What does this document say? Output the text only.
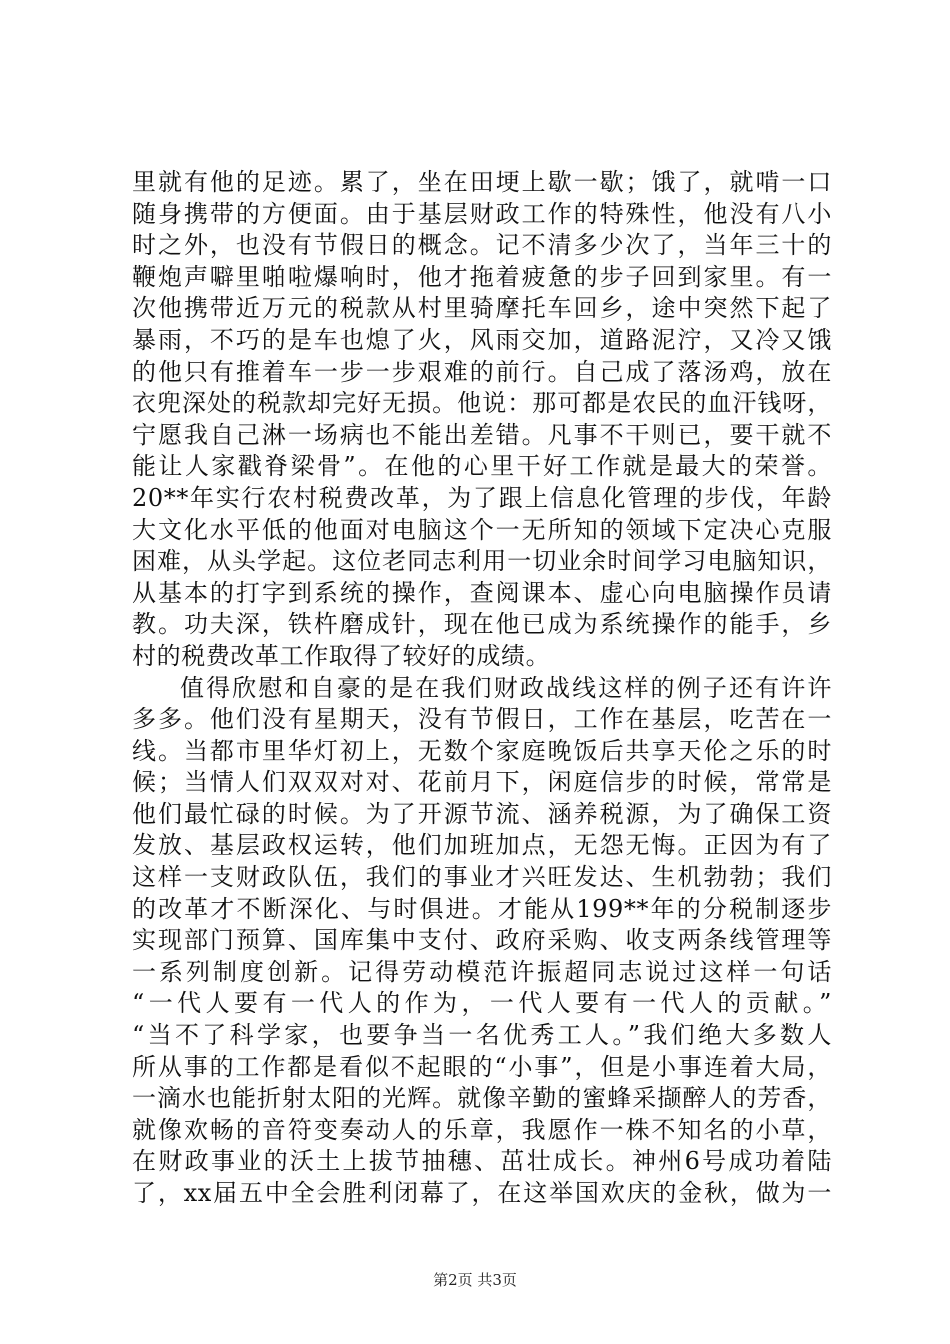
里就有他的足迹。累了，坐在田埂上歇一歇；饿了，就啃一口
随身携带的方便面。由于基层财政工作的特殊性，他没有八小
时之外，也没有节假日的概念。记不清多少次了，当年三十的
鞭炮声噼里啪啦爆响时，他才拖着疲惫的步子回到家里。有一
次他携带近万元的税款从村里骑摩托车回乡，途中突然下起了
暴雨，不巧的是车也熄了火，风雨交加，道路泥泞，又冷又饿
的他只有推着车一步一步艰难的前行。自己成了落汤鸡，放在
衣兜深处的税款却完好无损。他说：那可都是农民的血汗钱呀，
宁愿我自己淋一场病也不能出差错。凡事不干则已，要干就不
能让人家戳脊梁骨”。在他的心里干好工作就是最大的荣誉。
20**年实行农村税费改革，为了跟上信息化管理的步伐，年龄
大文化水平低的他面对电脑这个一无所知的领域下定决心克服
困难，从头学起。这位老同志利用一切业余时间学习电脑知识，
从基本的打字到系统的操作，查阅课本、虚心向电脑操作员请
教。功夫深，铁杵磨成针，现在他已成为系统操作的能手，乡
村的税费改革工作取得了较好的成绩。
值得欣慰和自豪的是在我们财政战线这样的例子还有许许
多多。他们没有星期天，没有节假日，工作在基层，吃苦在一
线。当都市里华灯初上，无数个家庭晚饭后共享天伦之乐的时
候；当情人们双双对对、花前月下，闲庭信步的时候，常常是
他们最忙碌的时候。为了开源节流、涵养税源，为了确保工资
发放、基层政权运转，他们加班加点，无怨无悔。正因为有了
这样一支财政队伍，我们的事业才兴旺发达、生机勃勃；我们
的改革才不断深化、与时俱进。才能从199**年的分税制逐步
实现部门预算、国库集中支付、政府采购、收支两条线管理等
一系列制度创新。记得劳动模范许振超同志说过这样一句话
“一代人要有一代人的作为，一代人要有一代人的贡献。”
“当不了科学家，也要争当一名优秀工人。”我们绝大多数人
所从事的工作都是看似不起眼的“小事”，但是小事连着大局，
一滴水也能折射太阳的光辉。就像辛勤的蜜蜂采撷醉人的芳香，
就像欢畅的音符变奏动人的乐章，我愿作一株不知名的小草，
在财政事业的沃土上拔节抽穗、茁壮成长。神州6号成功着陆
了，xx届五中全会胜利闭幕了，在这举国欢庆的金秋，做为一
第2页 共3页
